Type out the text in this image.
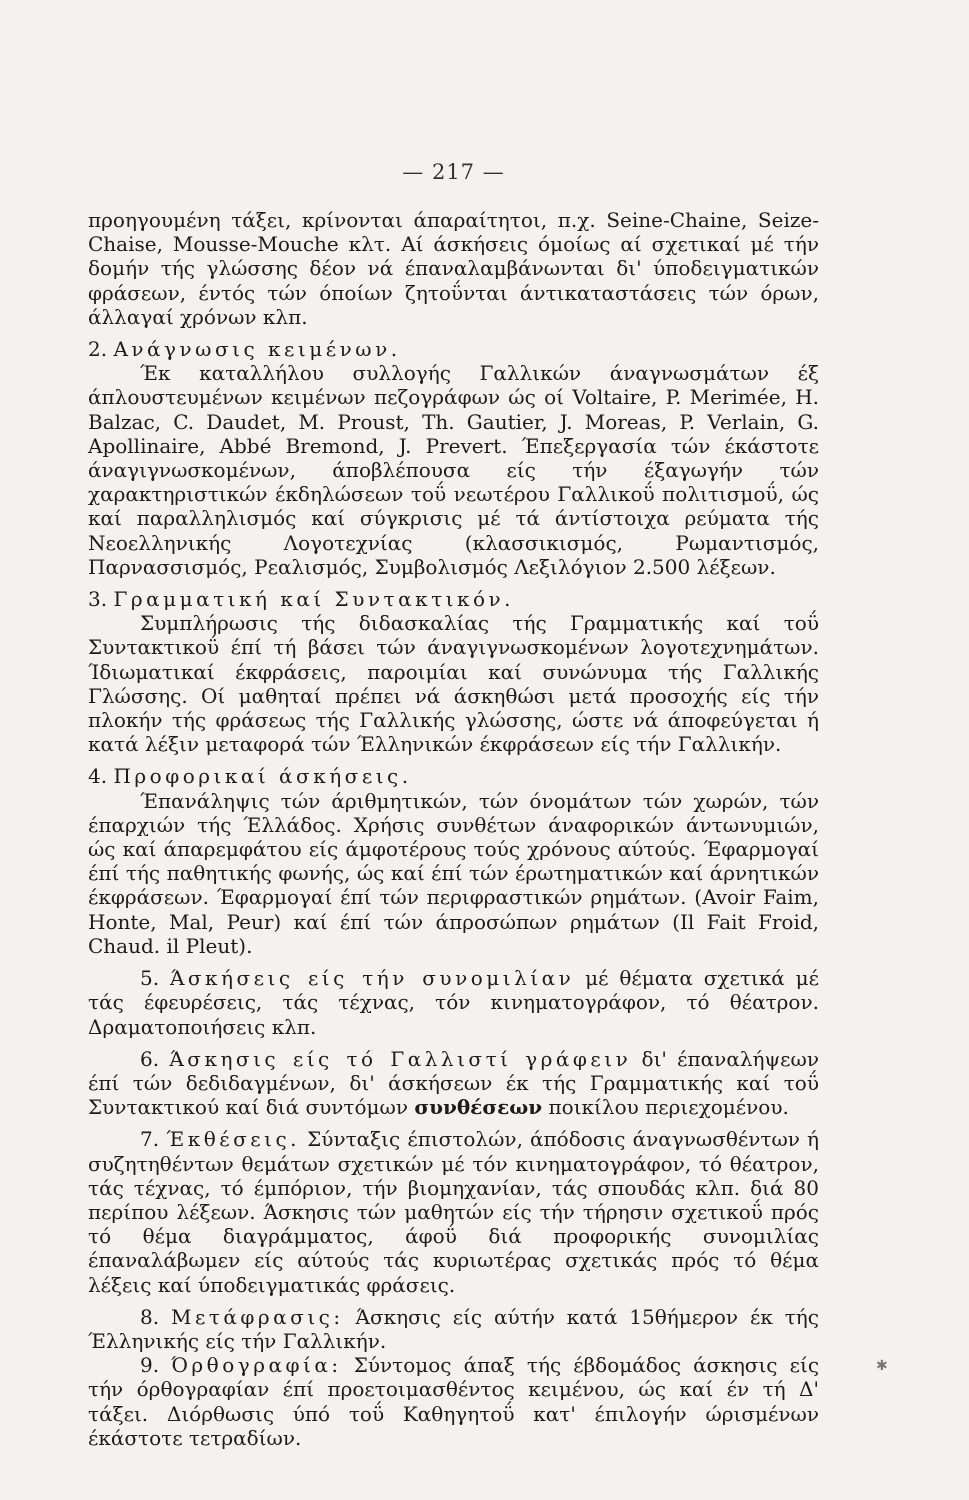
— 217 —

προηγουμένη τάξει, κρίνονται άπαραίτητοι, π.χ. Seine-Chaine, Seize-Chaise, Mousse-Mouche κλτ. Αί άσκήσεις όμοίως αί σχετικαί μέ τήν δομήν τής γλώσσης δέον νά έπαναλαμβάνωνται δι' ύποδειγματικών φράσεων, έντός τών όποίων ζητοΰνται άντικαταστάσεις τών όρων, άλλαγαί χρόνων κλπ.

2. Ανάγνωσις κειμένων.

Έκ καταλλήλου συλλογής Γαλλικών άναγνωσμάτων έξ άπλουστευμένων κειμένων πεζογράφων ώς οί Voltaire, P. Merimée, H. Balzac, C. Daudet, M. Proust, Th. Gautier, J. Moreas, P. Verlain, G. Apollinaire, Abbé Bremond, J. Prevert. Έπεξεργασία τών έκάστοτε άναγιγνωσκομένων, άποβλέπουσα είς τήν έξαγωγήν τών χαρακτηριστικών έκδηλώσεων τοΰ νεωτέρου Γαλλικοΰ πολιτισμοΰ, ώς καί παραλληλισμός καί σύγκρισις μέ τά άντίστοιχα ρεύματα τής Νεοελληνικής Λογοτεχνίας (κλασσικισμός, Ρωμαντισμός, Παρνασσισμός, Ρεαλισμός, Συμβολισμός Λεξιλόγιον 2.500 λέξεων.

3. Γραμματική καί Συντακτικόν.

Συμπλήρωσις τής διδασκαλίας τής Γραμματικής καί τοΰ Συντακτικοΰ έπί τή βάσει τών άναγιγνωσκομένων λογοτεχνημάτων. Ίδιωματικαί έκφράσεις, παροιμίαι καί συνώνυμα τής Γαλλικής Γλώσσης. Οί μαθηταί πρέπει νά άσκηθώσι μετά προσοχής είς τήν πλοκήν τής φράσεως τής Γαλλικής γλώσσης, ώστε νά άποφεύγεται ή κατά λέξιν μεταφορά τών Έλληνικών έκφράσεων είς τήν Γαλλικήν.

4. Προφορικαί άσκήσεις.

Έπανάληψις τών άριθμητικών, τών όνομάτων τών χωρών, τών έπαρχιών τής Έλλάδος. Χρήσις συνθέτων άναφορικών άντωνυμιών, ώς καί άπαρεμφάτου είς άμφοτέρους τούς χρόνους αύτούς. Έφαρμογαί έπί τής παθητικής φωνής, ώς καί έπί τών έρωτηματικών καί άρνητικών έκφράσεων. Έφαρμογαί έπί τών περιφραστικών ρημάτων. (Avoir Faim, Honte, Mal, Peur) καί έπί τών άπροσώπων ρημάτων (Il Fait Froid, Chaud. il Pleut).

5. Άσκήσεις είς τήν συνομιλίαν μέ θέματα σχετικά μέ τάς έφευρέσεις, τάς τέχνας, τόν κινηματογράφον, τό θέατρον. Δραματοποιήσεις κλπ.

6. Άσκησις είς τό Γαλλιστί γράφειν δι' έπαναλήψεων έπί τών δεδιδαγμένων, δι' άσκήσεων έκ τής Γραμματικής καί τοΰ Συντακτικού καί διά συντόμων συνθέσεων ποικίλου περιεχομένου.

7. Έκθέσεις. Σύνταξις έπιστολών, άπόδοσις άναγνωσθέντων ή συζητηθέντων θεμάτων σχετικών μέ τόν κινηματογράφον, τό θέατρον, τάς τέχνας, τό έμπόριον, τήν βιομηχανίαν, τάς σπουδάς κλπ. διά 80 περίπου λέξεων. Άσκησις τών μαθητών είς τήν τήρησιν σχετικοΰ πρός τό θέμα διαγράμματος, άφοΰ διά προφορικής συνομιλίας έπαναλάβωμεν είς αύτούς τάς κυριωτέρας σχετικάς πρός τό θέμα λέξεις καί ύποδειγματικάς φράσεις.

8. Μετάφρασις: Άσκησις είς αύτήν κατά 15θήμερον έκ τής Έλληνικής είς τήν Γαλλικήν.

9. Όρθογραφία: Σύντομος άπαξ τής έβδομάδος άσκησις είς τήν όρθογραφίαν έπί προετοιμασθέντος κειμένου, ώς καί έν τή Δ' τάξει. Διόρθωσις ύπό τοΰ Καθηγητοΰ κατ' έπιλογήν ώρισμένων έκάστοτε τετραδίων.

✱
